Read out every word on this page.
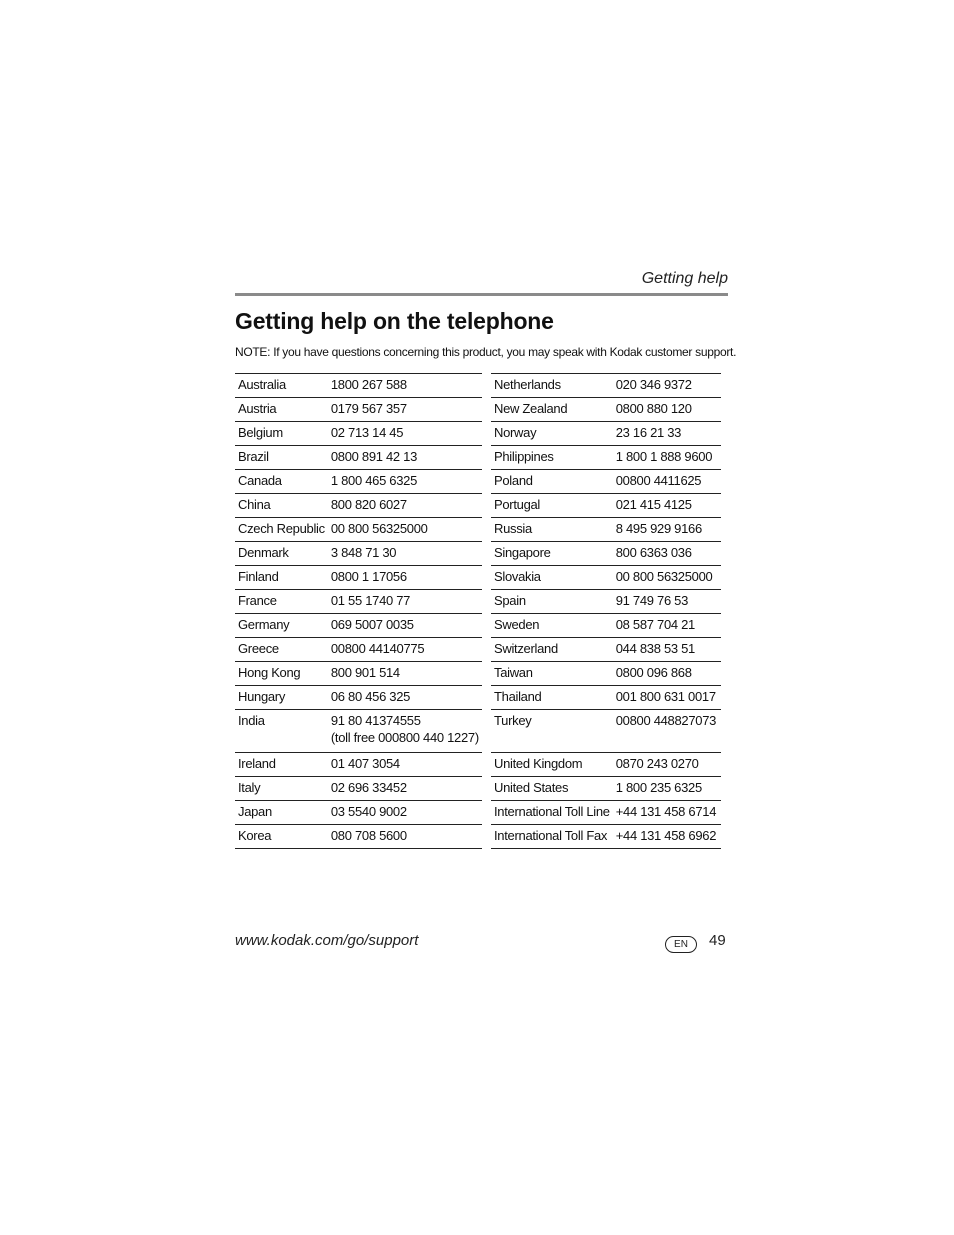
Getting help
Getting help on the telephone
NOTE: If you have questions concerning this product, you may speak with Kodak customer support.
Australia	1800 267 588
Austria	0179 567 357
Belgium	02 713 14 45
Brazil	0800 891 42 13
Canada	1 800 465 6325
China	800 820 6027
Czech Republic	00 800 56325000
Denmark	3 848 71 30
Finland	0800 1 17056
France	01 55 1740 77
Germany	069 5007 0035
Greece	00800 44140775
Hong Kong	800 901 514
Hungary	06 80 456 325
India	91 80 41374555
(toll free 000800 440 1227)

Ireland	01 407 3054
Italy	02 696 33452
Japan	03 5540 9002
Korea	080 708 5600
Netherlands	020 346 9372
New Zealand	0800 880 120
Norway	23 16 21 33
Philippines	1 800 1 888 9600
Poland	00800 4411625
Portugal	021 415 4125
Russia	8 495 929 9166
Singapore	800 6363 036
Slovakia	00 800 56325000
Spain	91 749 76 53
Sweden	08 587 704 21
Switzerland	044 838 53 51
Taiwan	0800 096 868
Thailand	001 800 631 0017
Turkey	00800 448827073
United Kingdom	0870 243 0270
United States	1 800 235 6325
International Toll Line	+44 131 458 6714
International Toll Fax	+44 131 458 6962
www.kodak.com/go/support	EN	49
